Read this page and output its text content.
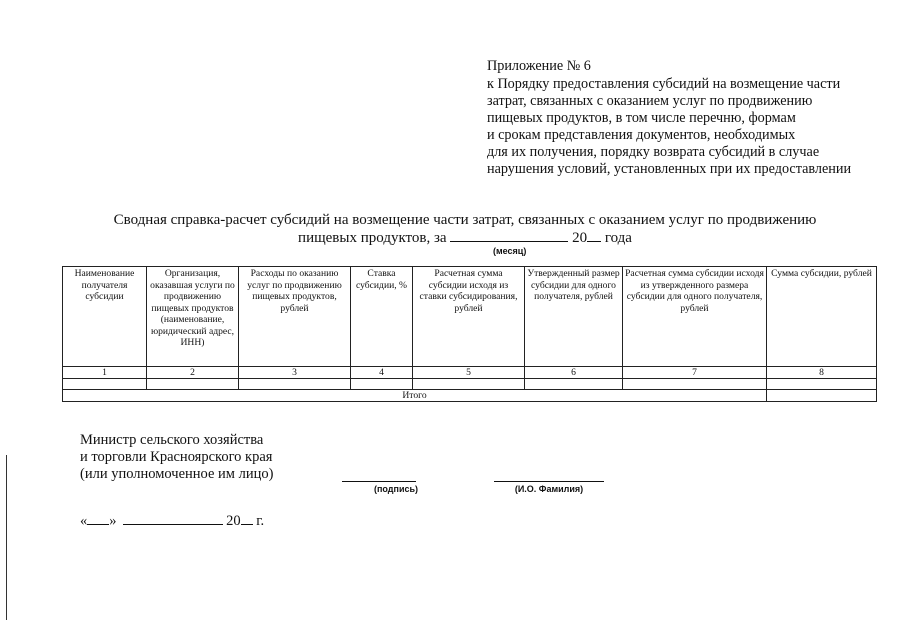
Приложение № 6
к Порядку предоставления субсидий на возмещение части
затрат, связанных с оказанием услуг по продвижению
пищевых продуктов, в том числе перечню, формам
и срокам представления документов, необходимых
для их получения, порядку возврата субсидий в случае
нарушения условий, установленных при их предоставлении
Сводная справка-расчет субсидий на возмещение части затрат, связанных с оказанием услуг по продвижению
пищевых продуктов, за	20 года
(месяц)
Наименование получателя субсидии	Организация, оказавшая услуги по продвижению пищевых продуктов (наименование, юридический адрес, ИНН)	Расходы по оказанию услуг по продвижению пищевых продуктов, рублей	Ставка субсидии, %	Расчетная сумма субсидии исходя из ставки субсидирования, рублей	Утвержденный размер субсидии для одного получателя, рублей	Расчетная сумма субсидии исходя из утвержденного размера субсидии для одного получателя, рублей	Сумма субсидии, рублей
1	2	3	4	5	6	7	8

Итого							
Министр сельского хозяйства
и торговли Красноярского края
(или уполномоченное им лицо)
(подпись)	(И.О. Фамилия)
« »	20 г.
